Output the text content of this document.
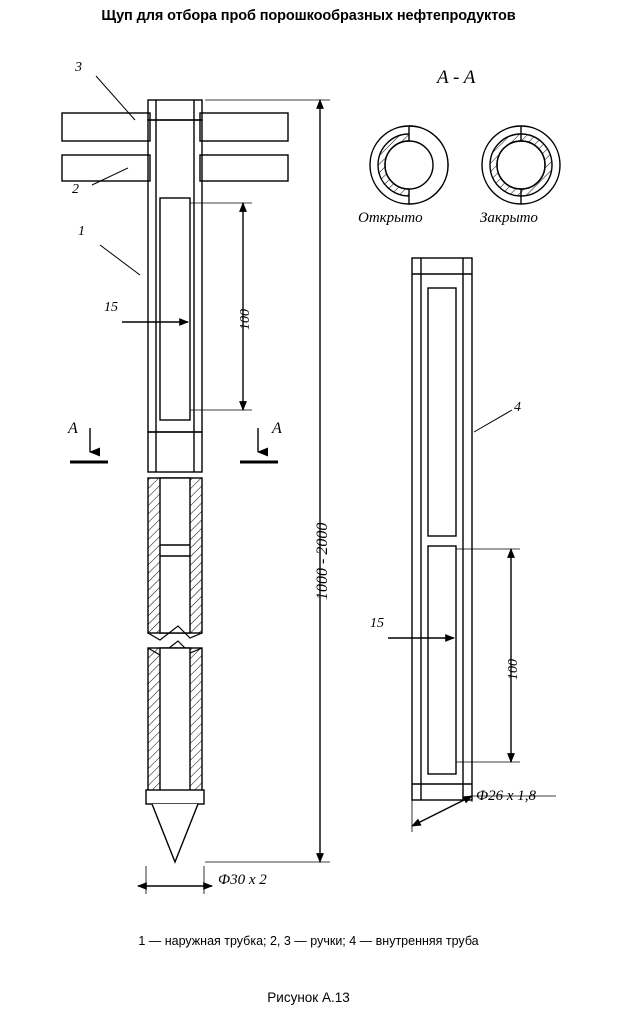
Щуп для отбора проб порошкообразных нефтепродуктов
3
2
1
4
15
100
1000 - 2000
Ф30 х 2
15
100
Ф26 х 1,8
A	A
A - A
Открыто	Закрыто
1 — наружная трубка; 2, 3 — ручки; 4 — внутренняя труба
Рисунок А.13
